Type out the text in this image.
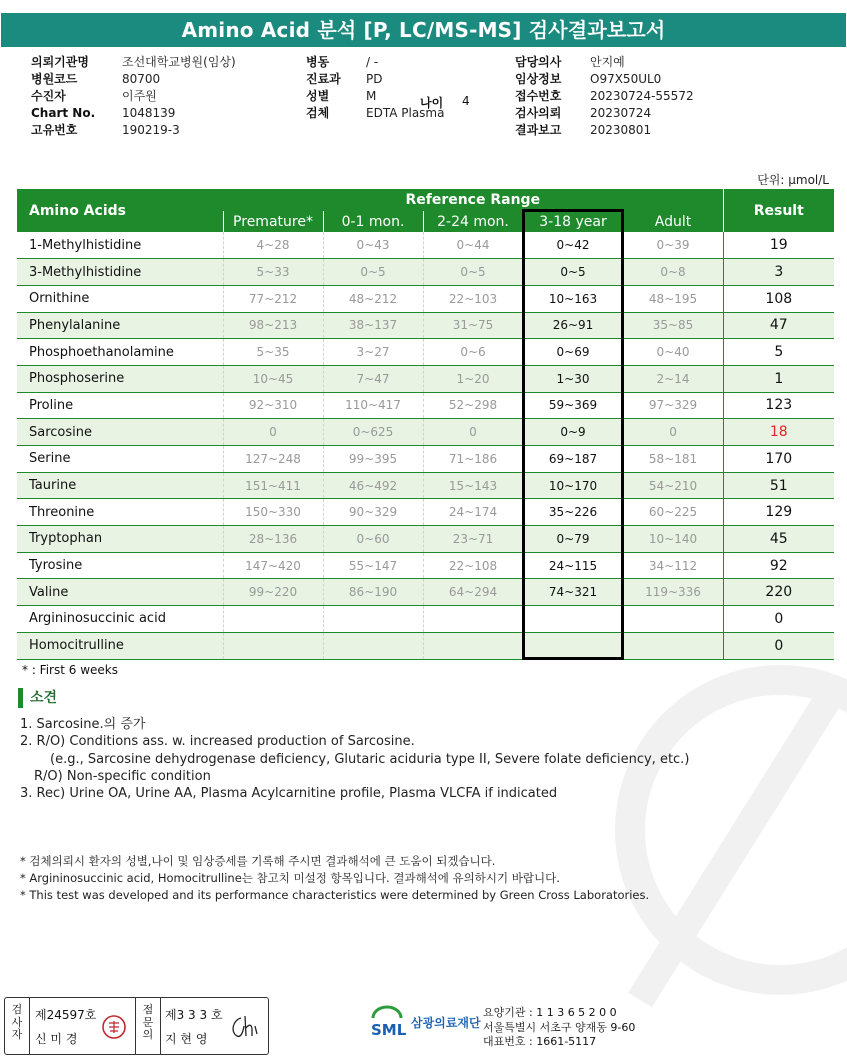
Amino Acid 분석 [P, LC/MS-MS] 검사결과보고서
의뢰기관명	조선대학교병원(임상)
병원코드	80700
수진자	이주원
Chart No. 1048139
고유번호	190219-3
병동	/ -
진료과 PD
성별	M
검체	EDTA Plasma
나이 4
담당의사 안지예
임상정보 O97X50UL0
접수번호 20230724-55572
검사의뢰 20230724
결과보고 20230801
단위: μmol/L
Amino Acids	Reference Range					Result
	Premature*	0-1 mon.	2-24 mon.	3-18 year	Adult	
1-Methylhistidine	4~28	0~43	0~44	0~42	0~39	19
3-Methylhistidine	5~33	0~5	0~5	0~5	0~8	3
Ornithine	77~212	48~212	22~103	10~163	48~195	108
Phenylalanine	98~213	38~137	31~75	26~91	35~85	47
Phosphoethanolamine	5~35	3~27	0~6	0~69	0~40	5
Phosphoserine	10~45	7~47	1~20	1~30	2~14	1
Proline	92~310	110~417	52~298	59~369	97~329	123
Sarcosine	0	0~625	0	0~9	0	18
Serine	127~248	99~395	71~186	69~187	58~181	170
Taurine	151~411	46~492	15~143	10~170	54~210	51
Threonine	150~330	90~329	24~174	35~226	60~225	129
Tryptophan	28~136	0~60	23~71	0~79	10~140	45
Tyrosine	147~420	55~147	22~108	24~115	34~112	92
Valine	99~220	86~190	64~294	74~321	119~336	220
Argininosuccinic acid						0
Homocitrulline						0
* : First 6 weeks
소견
1. Sarcosine.의 증가
2. R/O) Conditions ass. w. increased production of Sarcosine.
(e.g., Sarcosine dehydrogenase deficiency, Glutaric aciduria type II, Severe folate deficiency, etc.)
R/O) Non-specific condition
3. Rec) Urine OA, Urine AA, Plasma Acylcarnitine profile, Plasma VLCFA if indicated
* 검체의뢰시 환자의 성별,나이 및 임상증세를 기록해 주시면 결과해석에 큰 도움이 되겠습니다.
* Argininosuccinic acid, Homocitrulline는 참고치 미설정 항목입니다. 결과해석에 유의하시기 바랍니다.
* This test was developed and its performance characteristics were determined by Green Cross Laboratories.
검사자
제24597호
신 미 경
점문의
제3 3 3 호
지 현 영	SML 삼광의료재단
요양기관 : 1 1 3 6 5 2 0 0
서울특별시 서초구 양재동 9-60
대표번호 : 1661-5117
